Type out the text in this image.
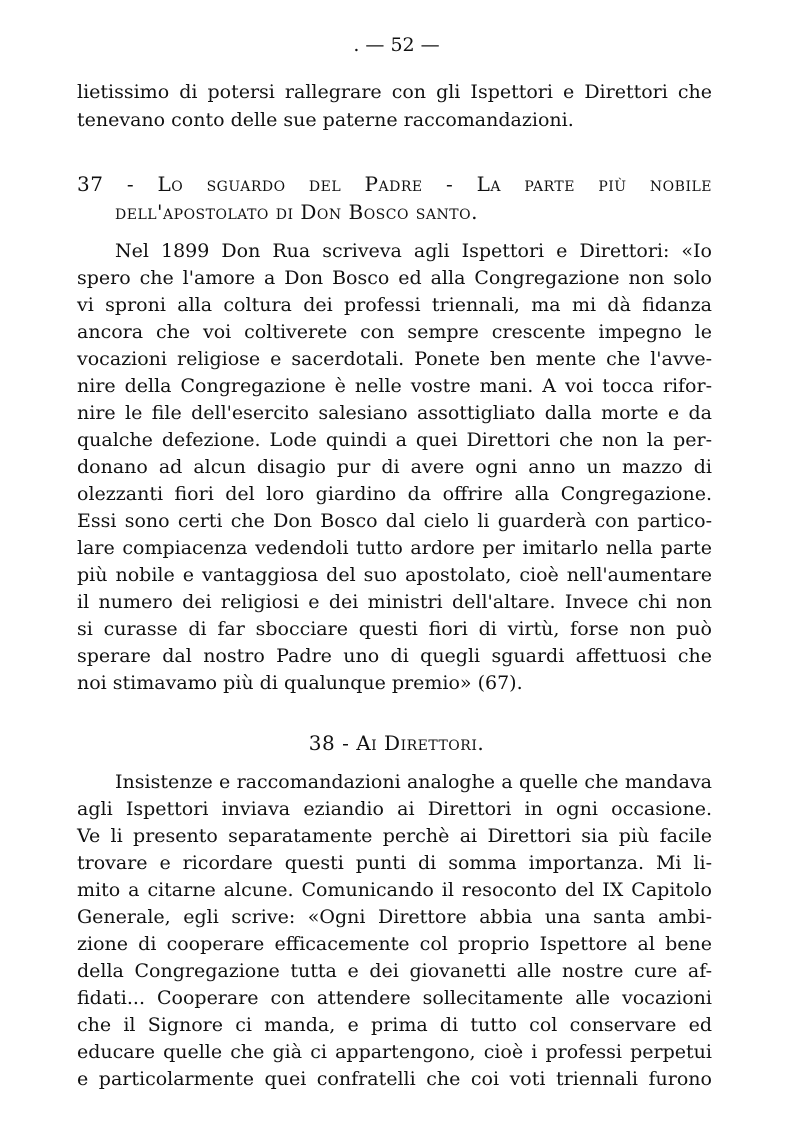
. — 52 —
lietissimo di potersi rallegrare con gli Ispettori e Direttori che
tenevano conto delle sue paterne raccomandazioni.
37 - Lo sguardo del Padre - La parte più nobile
dell'apostolato di Don Bosco santo.
Nel 1899 Don Rua scriveva agli Ispettori e Direttori: «Io
spero che l'amore a Don Bosco ed alla Congregazione non solo
vi sproni alla coltura dei professi triennali, ma mi dà fidanza
ancora che voi coltiverete con sempre crescente impegno le
vocazioni religiose e sacerdotali. Ponete ben mente che l'avve-
nire della Congregazione è nelle vostre mani. A voi tocca rifor-
nire le file dell'esercito salesiano assottigliato dalla morte e da
qualche defezione. Lode quindi a quei Direttori che non la per-
donano ad alcun disagio pur di avere ogni anno un mazzo di
olezzanti fiori del loro giardino da offrire alla Congregazione.
Essi sono certi che Don Bosco dal cielo li guarderà con partico-
lare compiacenza vedendoli tutto ardore per imitarlo nella parte
più nobile e vantaggiosa del suo apostolato, cioè nell'aumentare
il numero dei religiosi e dei ministri dell'altare. Invece chi non
si curasse di far sbocciare questi fiori di virtù, forse non può
sperare dal nostro Padre uno di quegli sguardi affettuosi che
noi stimavamo più di qualunque premio» (67).
38 - Ai Direttori.
Insistenze e raccomandazioni analoghe a quelle che mandava
agli Ispettori inviava eziandio ai Direttori in ogni occasione.
Ve li presento separatamente perchè ai Direttori sia più facile
trovare e ricordare questi punti di somma importanza. Mi li-
mito a citarne alcune. Comunicando il resoconto del IX Capitolo
Generale, egli scrive: «Ogni Direttore abbia una santa ambi-
zione di cooperare efficacemente col proprio Ispettore al bene
della Congregazione tutta e dei giovanetti alle nostre cure af-
fidati... Cooperare con attendere sollecitamente alle vocazioni
che il Signore ci manda, e prima di tutto col conservare ed
educare quelle che già ci appartengono, cioè i professi perpetui
e particolarmente quei confratelli che coi voti triennali furono
